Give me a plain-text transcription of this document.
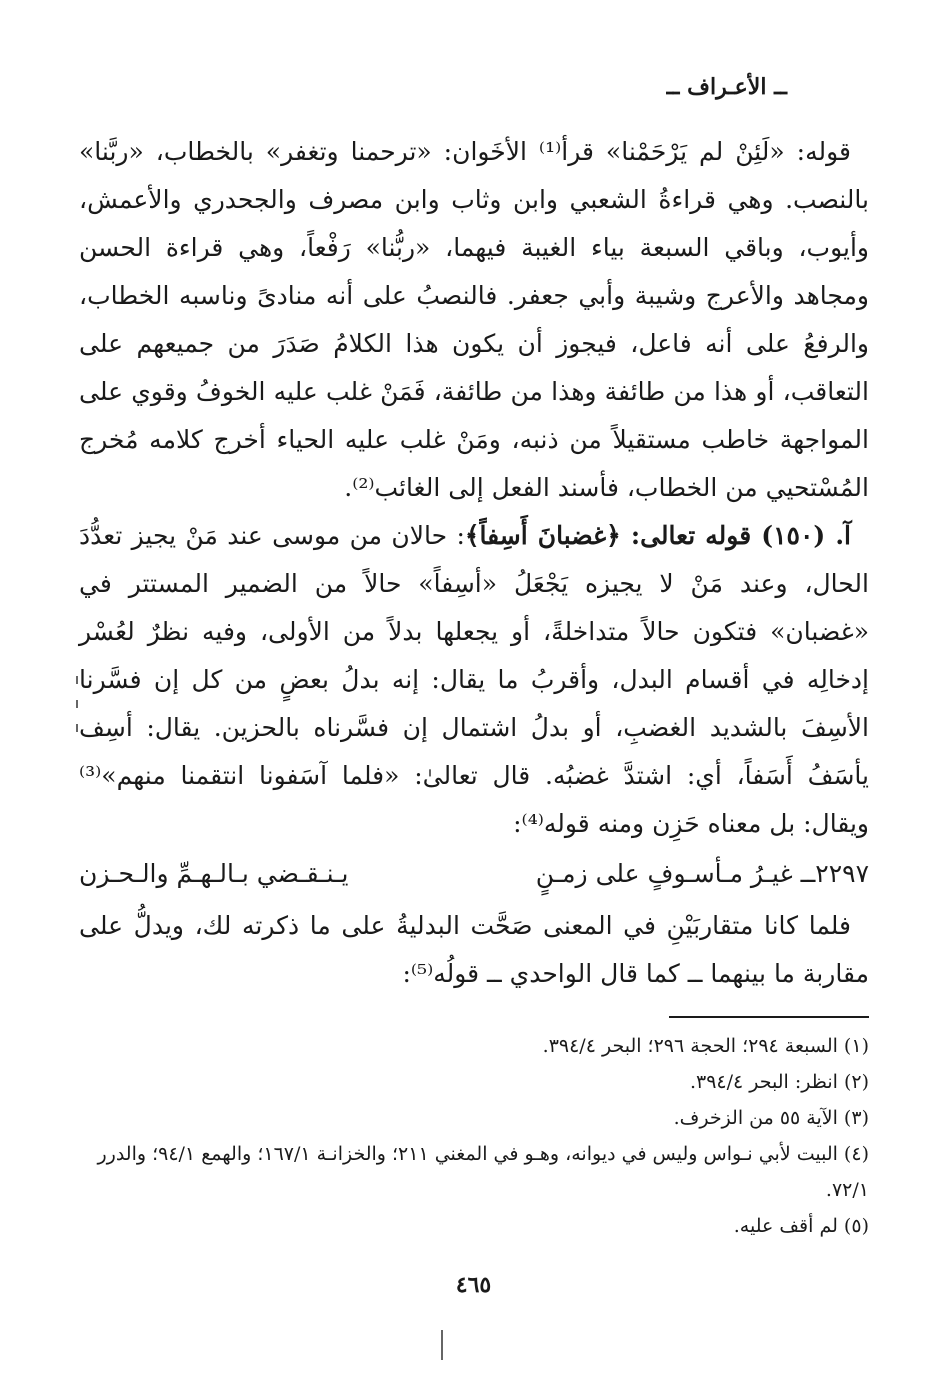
ــ الأعـراف ــ

قوله: «لَئِنْ لم يَرْحَمْنا» قرأ⁽¹⁾ الأخَوان: «ترحمنا وتغفر» بالخطاب، «ربَّنا» بالنصب. وهي قراءةُ الشعبي وابن وثاب وابن مصرف والجحدري والأعمش، وأيوب، وباقي السبعة بياء الغيبة فيهما، «ربُّنا» رَفْعاً، وهي قراءة الحسن ومجاهد والأعرج وشيبة وأبي جعفر. فالنصبُ على أنه منادىً وناسبه الخطاب، والرفعُ على أنه فاعل، فيجوز أن يكون هذا الكلامُ صَدَرَ من جميعهم على التعاقب، أو هذا من طائفة وهذا من طائفة، فَمَنْ غلب عليه الخوفُ وقوي على المواجهة خاطب مستقيلاً من ذنبه، ومَنْ غلب عليه الحياء أخرج كلامه مُخرج المُسْتحيي من الخطاب، فأسند الفعل إلى الغائب⁽²⁾.

آ. (١٥٠) قوله تعالى: ﴿غضبانَ أَسِفاً﴾: حالان من موسى عند مَنْ يجيز تعدُّدَ الحال، وعند مَنْ لا يجيزه يَجْعَلُ «أسِفاً» حالاً من الضمير المستتر في «غضبان» فتكون حالاً متداخلةً، أو يجعلها بدلاً من الأولى، وفيه نظرٌ لعُسْر إدخالِه في أقسام البدل، وأقربُ ما يقال: إنه بدلُ بعضٍ من كل إن فسَّرنا الأسِفَ بالشديد الغضبِ، أو بدلُ اشتمال إن فسَّرناه بالحزين. يقال: أسِف يأسَفُ أَسَفاً، أي: اشتدَّ غضبُه. قال تعالىٰ: «فلما آسَفونا انتقمنا منهم»⁽³⁾ ويقال: بل معناه حَزِن ومنه قوله⁽⁴⁾:

٢٢٩٧ــ غيـرُ مـأسـوفٍ على زمـنٍ
يـنـقـضي بـالـهـمِّ والـحـزن

فلما كانا متقاربَيْنِ في المعنى صَحَّت البدليةُ على ما ذكرته لك، ويدلُّ على مقاربة ما بينهما ــ كما قال الواحدي ــ قولُه⁽⁵⁾:

(١) السبعة ٢٩٤؛ الحجة ٢٩٦؛ البحر ٣٩٤/٤.

(٢) انظر: البحر ٣٩٤/٤.

(٣) الآية ٥٥ من الزخرف.

(٤) البيت لأبي نـواس وليس في ديوانه، وهـو في المغني ٢١١؛ والخزانـة ١٦٧/١؛ والهمع ٩٤/١؛ والدرر ٧٢/١.

(٥) لم أقف عليه.

٤٦٥
